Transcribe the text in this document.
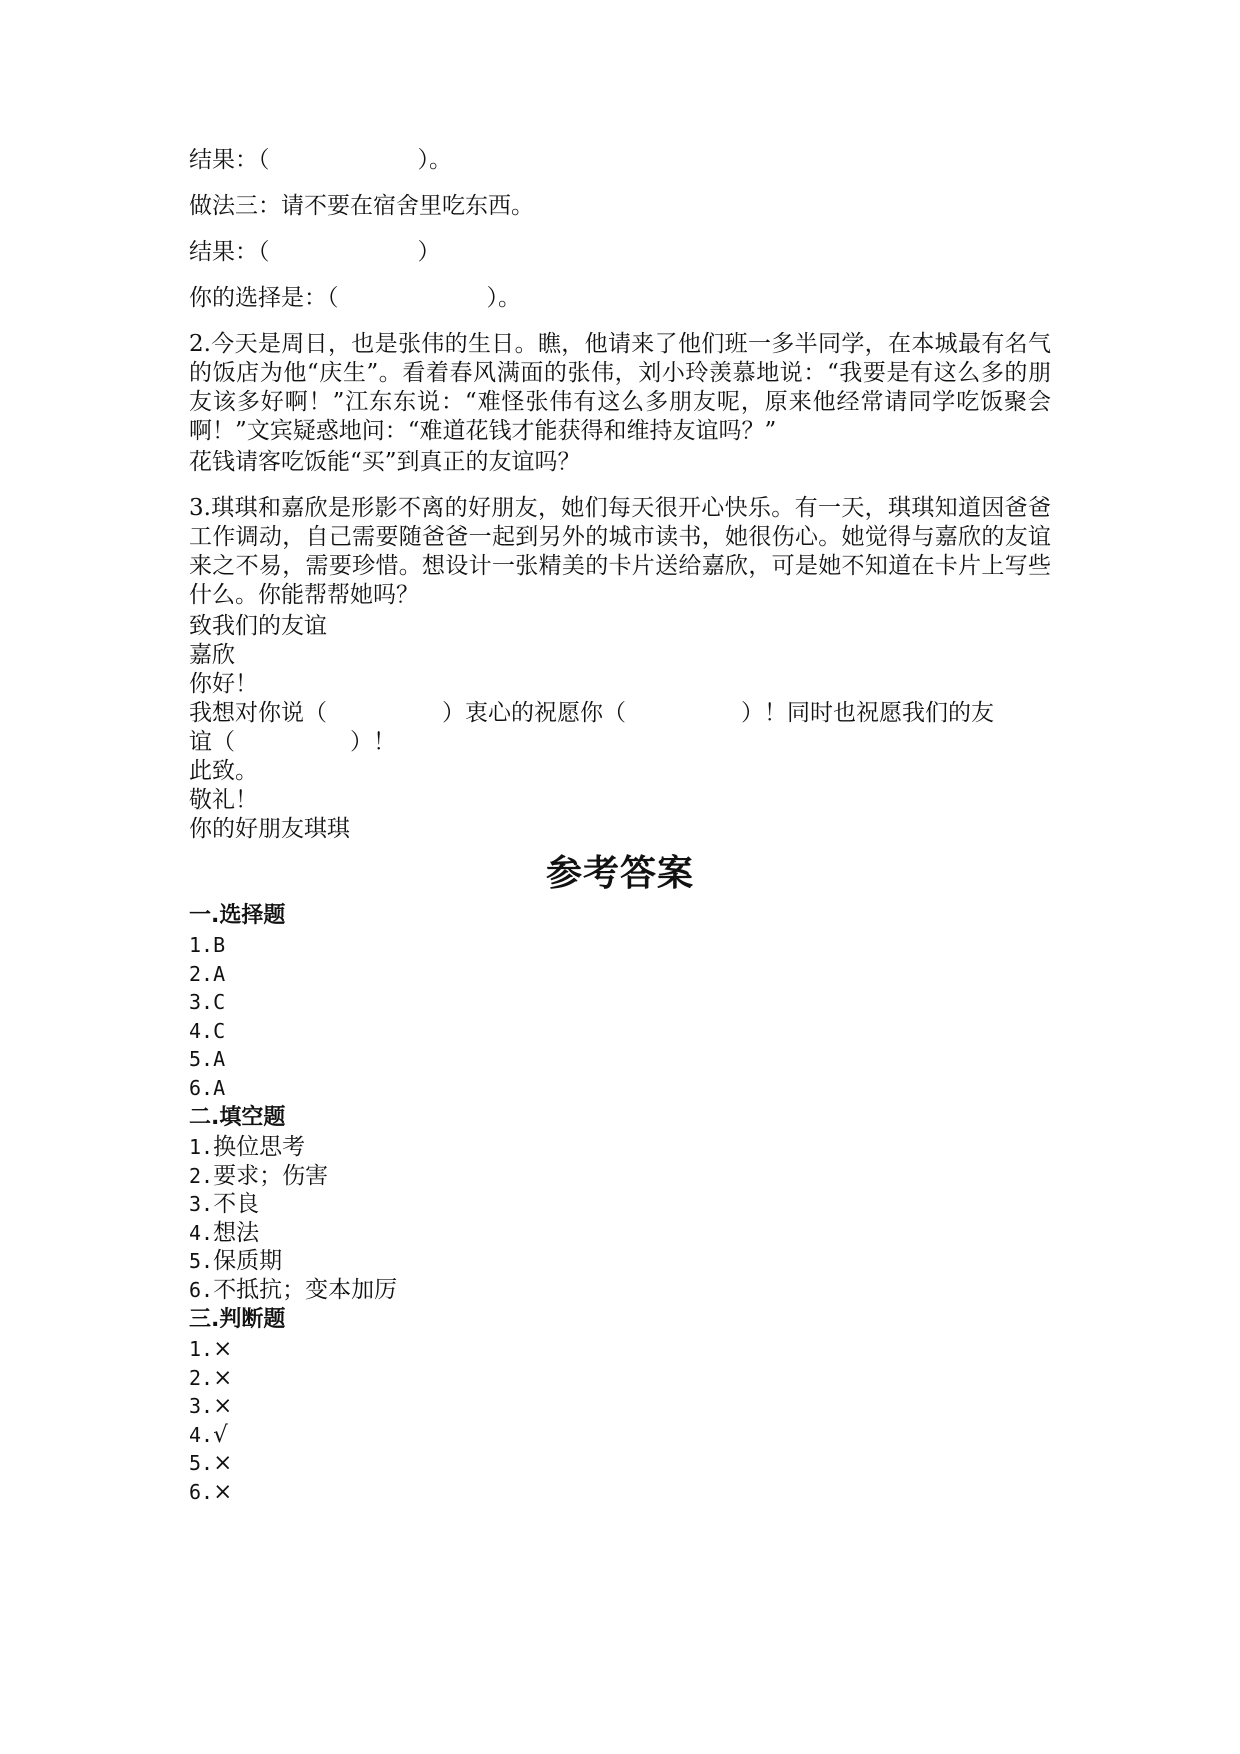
结果：（	）。
做法三：请不要在宿舍里吃东西。
结果：（	）
你的选择是：（	）。
2.今天是周日，也是张伟的生日。瞧，他请来了他们班一多半同学，在本城最有名气的饭店为他“庆生”。看着春风满面的张伟，刘小玲羡慕地说：“我要是有这么多的朋友该多好啊！”江东东说：“难怪张伟有这么多朋友呢，原来他经常请同学吃饭聚会啊！”文宾疑惑地问：“难道花钱才能获得和维持友谊吗？”
花钱请客吃饭能“买”到真正的友谊吗？
3.琪琪和嘉欣是形影不离的好朋友，她们每天很开心快乐。有一天，琪琪知道因爸爸工作调动，自己需要随爸爸一起到另外的城市读书，她很伤心。她觉得与嘉欣的友谊来之不易，需要珍惜。想设计一张精美的卡片送给嘉欣，可是她不知道在卡片上写些什么。你能帮帮她吗？
致我们的友谊
嘉欣
你好！
我想对你说（	）衷心的祝愿你（	）！同时也祝愿我们的友
谊（	）！
此致。
敬礼！
你的好朋友琪琪
参考答案
一.选择题
1.B
2.A
3.C
4.C
5.A
6.A
二.填空题
1.换位思考
2.要求；伤害
3.不良
4.想法
5.保质期
6.不抵抗；变本加厉
三.判断题
1.×
2.×
3.×
4.√
5.×
6.×
